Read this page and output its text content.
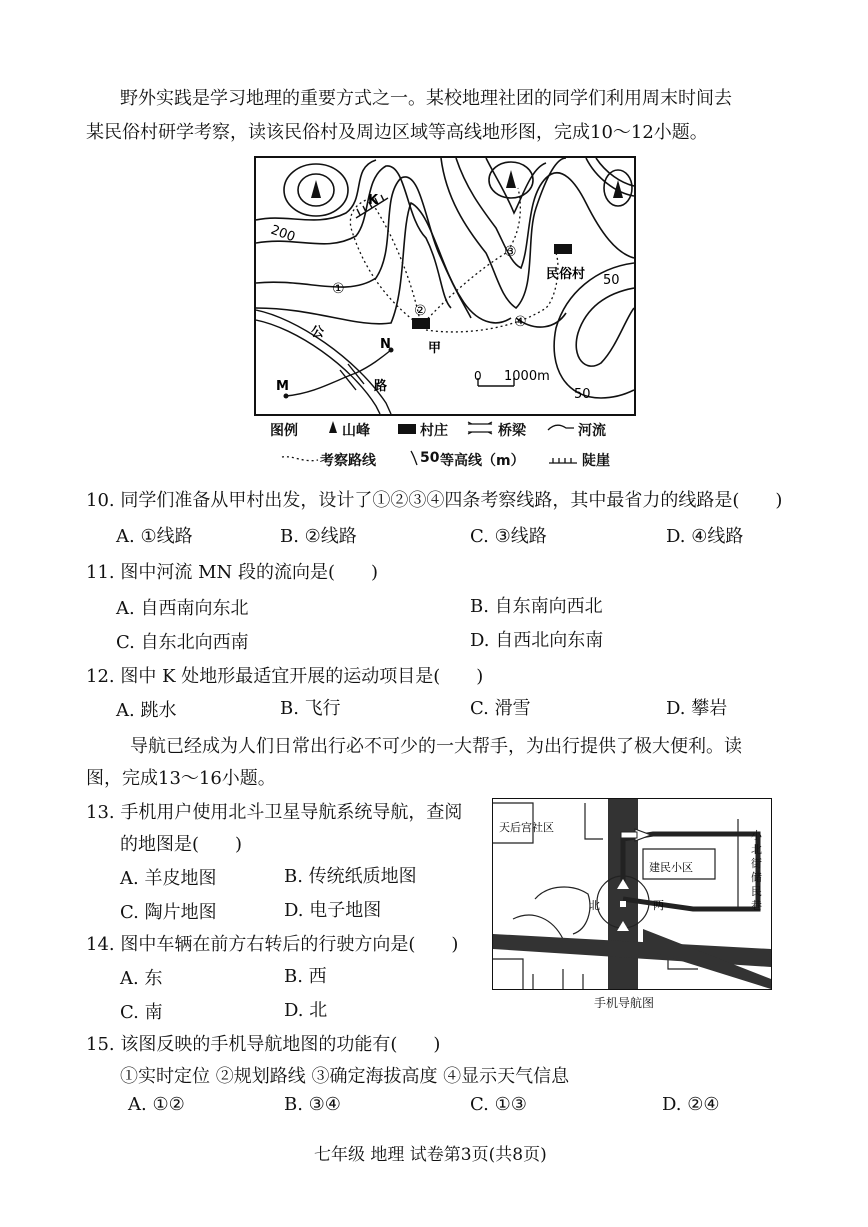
野外实践是学习地理的重要方式之一。某校地理社团的同学们利用周末时间去
某民俗村研学考察，读该民俗村及周边区域等高线地形图，完成10～12小题。
K
200
50
50
①
②
③
④
民俗村
甲
N
M
公
路
0 1000m
图例	山峰	村庄	桥梁	河流
考察路线	50 等高线（m）	陡崖
10. 同学们准备从甲村出发，设计了①②③④四条考察线路，其中最省力的线路是(　　)
A. ①线路	B. ②线路	C. ③线路	D. ④线路
11. 图中河流 MN 段的流向是(　　)
A. 自西南向东北	B. 自东南向西北
C. 自东北向西南	D. 自西北向东南
12. 图中 K 处地形最适宜开展的运动项目是(　　)
A. 跳水	B. 飞行	C. 滑雪	D. 攀岩
导航已经成为人们日常出行必不可少的一大帮手，为出行提供了极大便利。读
图，完成13～16小题。
13. 手机用户使用北斗卫星导航系统导航，查阅
的地图是(　　)
A. 羊皮地图	B. 传统纸质地图
C. 陶片地图	D. 电子地图
天后宫社区
建民小区
北	两
小北街储民巷
手机导航图
14. 图中车辆在前方右转后的行驶方向是(　　)
A. 东	B. 西
C. 南	D. 北
15. 该图反映的手机导航地图的功能有(　　)
①实时定位 ②规划路线 ③确定海拔高度 ④显示天气信息
A. ①②	B. ③④	C. ①③	D. ②④
七年级 地理 试卷第3页(共8页)
